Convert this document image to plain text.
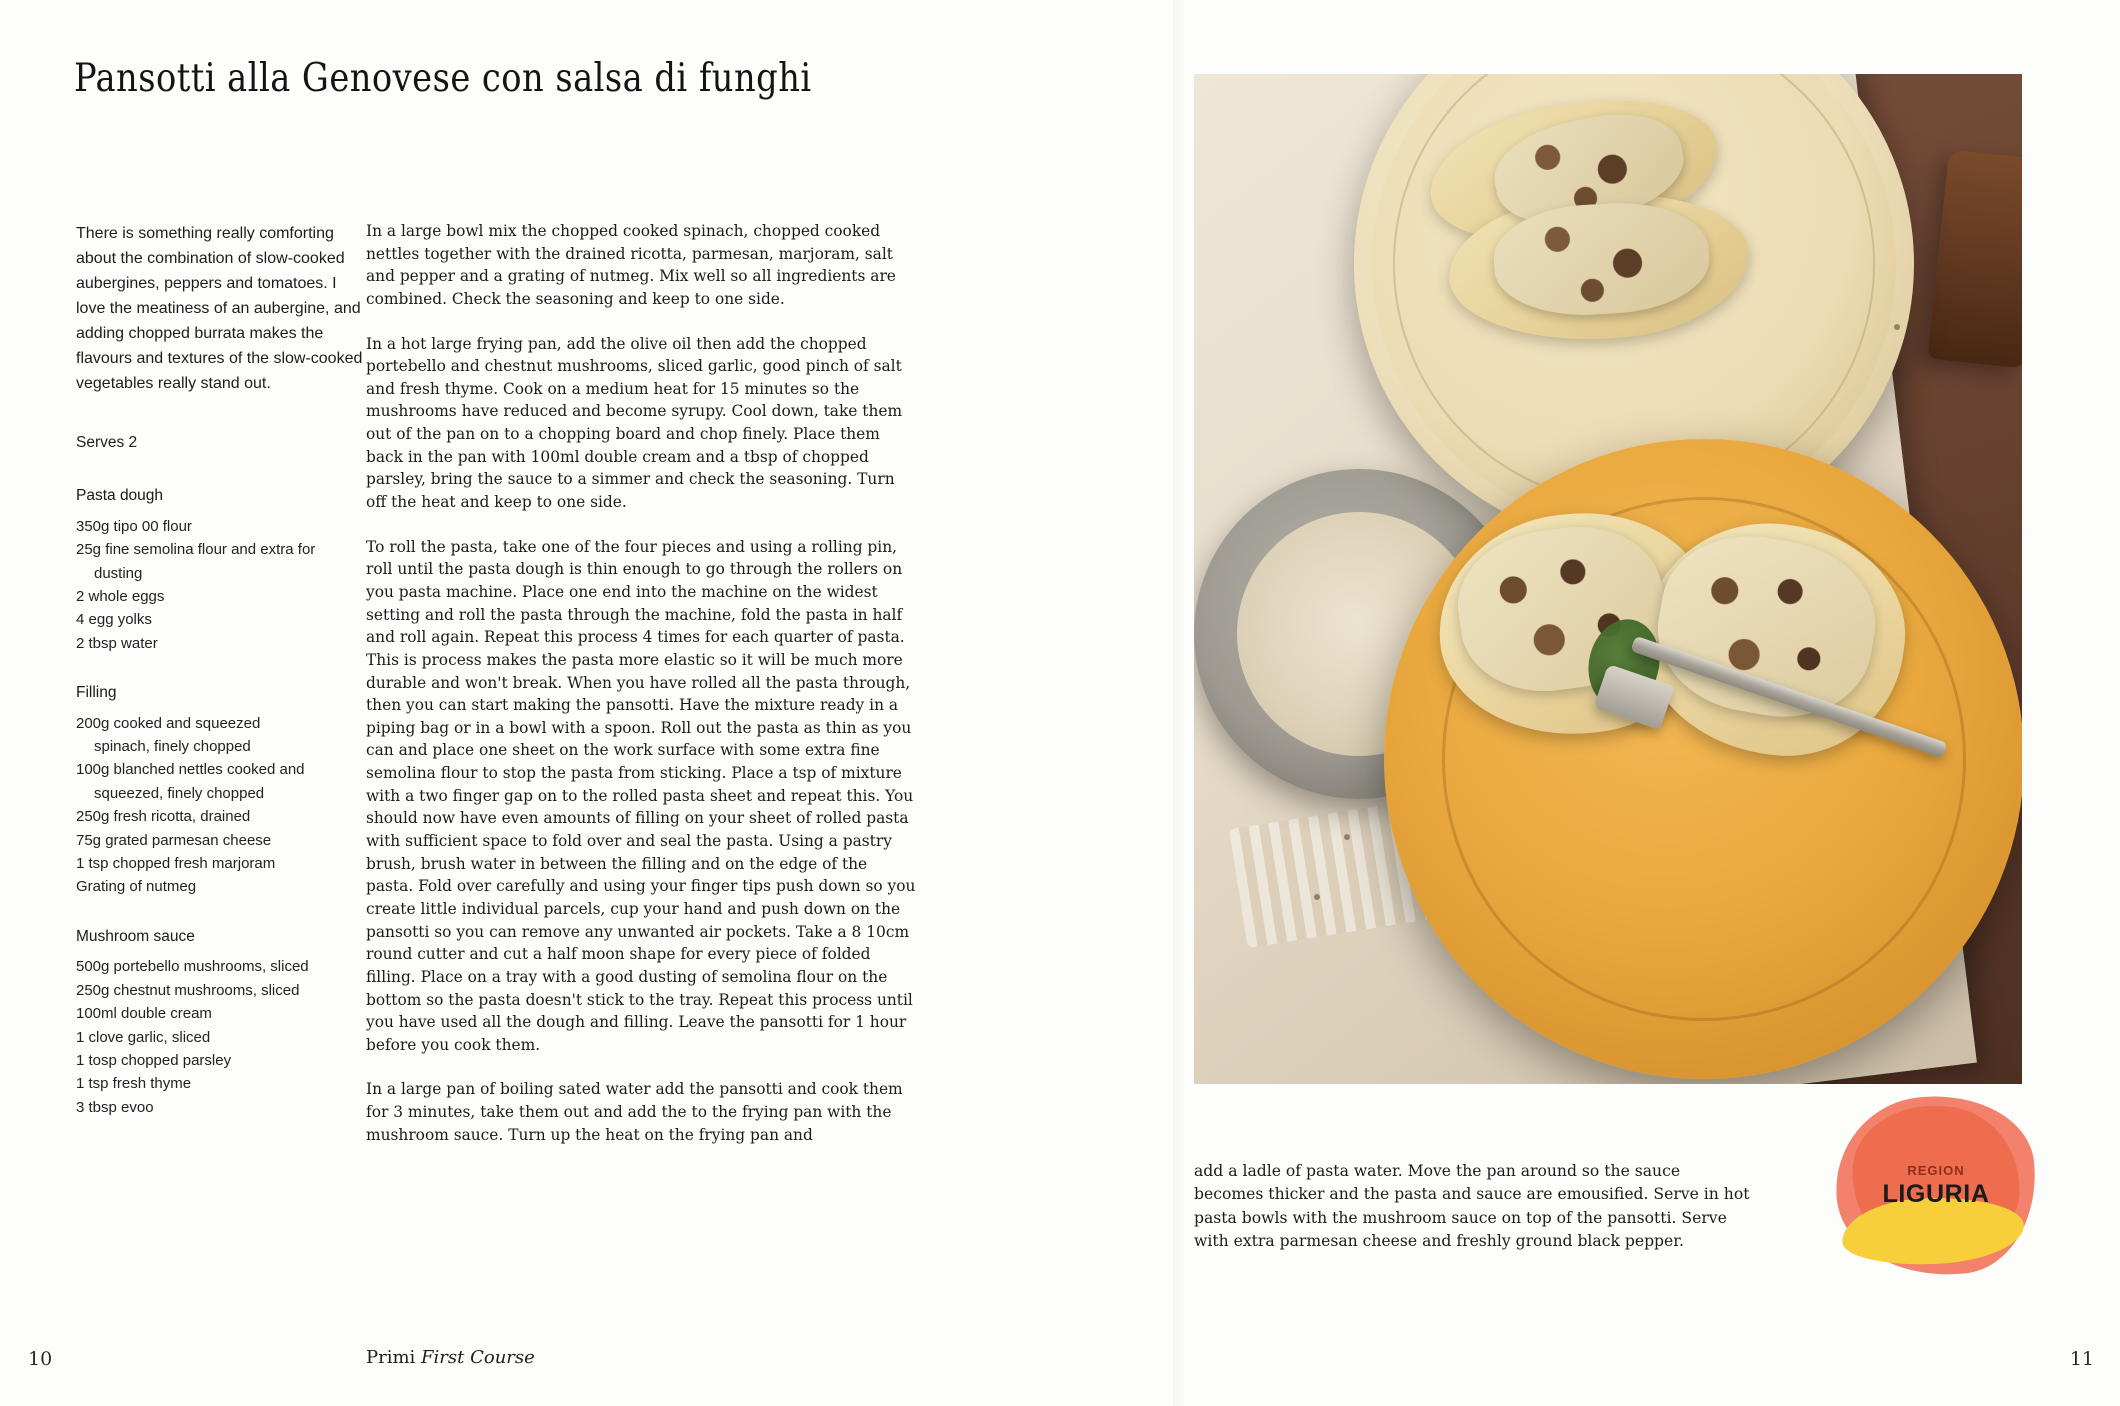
Pansotti alla Genovese con salsa di funghi

There is something really comforting about the combination of slow-cooked aubergines, peppers and tomatoes. I love the meatiness of an aubergine, and adding chopped burrata makes the flavours and textures of the slow-cooked vegetables really stand out.

Serves 2

Pasta dough

350g tipo 00 flour
25g fine semolina flour and extra for
dusting
2 whole eggs
4 egg yolks
2 tbsp water

Filling

200g cooked and squeezed
spinach, finely chopped
100g blanched nettles cooked and
squeezed, finely chopped
250g fresh ricotta, drained
75g grated parmesan cheese
1 tsp chopped fresh marjoram
Grating of nutmeg

Mushroom sauce

500g portebello mushrooms, sliced
250g chestnut mushrooms, sliced
100ml double cream
1 clove garlic, sliced
1 tosp chopped parsley
1 tsp fresh thyme
3 tbsp evoo

In a large bowl mix the chopped cooked spinach, chopped cooked nettles together with the drained ricotta, parmesan, marjoram, salt and pepper and a grating of nutmeg. Mix well so all ingredients are combined. Check the seasoning and keep to one side.

In a hot large frying pan, add the olive oil then add the chopped portebello and chestnut mushrooms, sliced garlic, good pinch of salt and fresh thyme. Cook on a medium heat for 15 minutes so the mushrooms have reduced and become syrupy. Cool down, take them out of the pan on to a chopping board and chop finely. Place them back in the pan with 100ml double cream and a tbsp of chopped parsley, bring the sauce to a simmer and check the seasoning. Turn off the heat and keep to one side.

To roll the pasta, take one of the four pieces and using a rolling pin, roll until the pasta dough is thin enough to go through the rollers on you pasta machine. Place one end into the machine on the widest setting and roll the pasta through the machine, fold the pasta in half and roll again. Repeat this process 4 times for each quarter of pasta. This is process makes the pasta more elastic so it will be much more durable and won't break. When you have rolled all the pasta through, then you can start making the pansotti. Have the mixture ready in a piping bag or in a bowl with a spoon. Roll out the pasta as thin as you can and place one sheet on the work surface with some extra fine semolina flour to stop the pasta from sticking. Place a tsp of mixture with a two finger gap on to the rolled pasta sheet and repeat this. You should now have even amounts of filling on your sheet of rolled pasta with sufficient space to fold over and seal the pasta. Using a pastry brush, brush water in between the filling and on the edge of the pasta. Fold over carefully and using your finger tips push down so you create little individual parcels, cup your hand and push down on the pansotti so you can remove any unwanted air pockets. Take a 8 10cm round cutter and cut a half moon shape for every piece of folded filling. Place on a tray with a good dusting of semolina flour on the bottom so the pasta doesn't stick to the tray. Repeat this process until you have used all the dough and filling. Leave the pansotti for 1 hour before you cook them.

In a large pan of boiling sated water add the pansotti and cook them for 3 minutes, take them out and add the to the frying pan with the mushroom sauce. Turn up the heat on the frying pan and

10	Primi First Course

add a ladle of pasta water. Move the pan around so the sauce becomes thicker and the pasta and sauce are emousified. Serve in hot pasta bowls with the mushroom sauce on top of the pansotti. Serve with extra parmesan cheese and freshly ground black pepper.

REGION
LIGURIA
11
